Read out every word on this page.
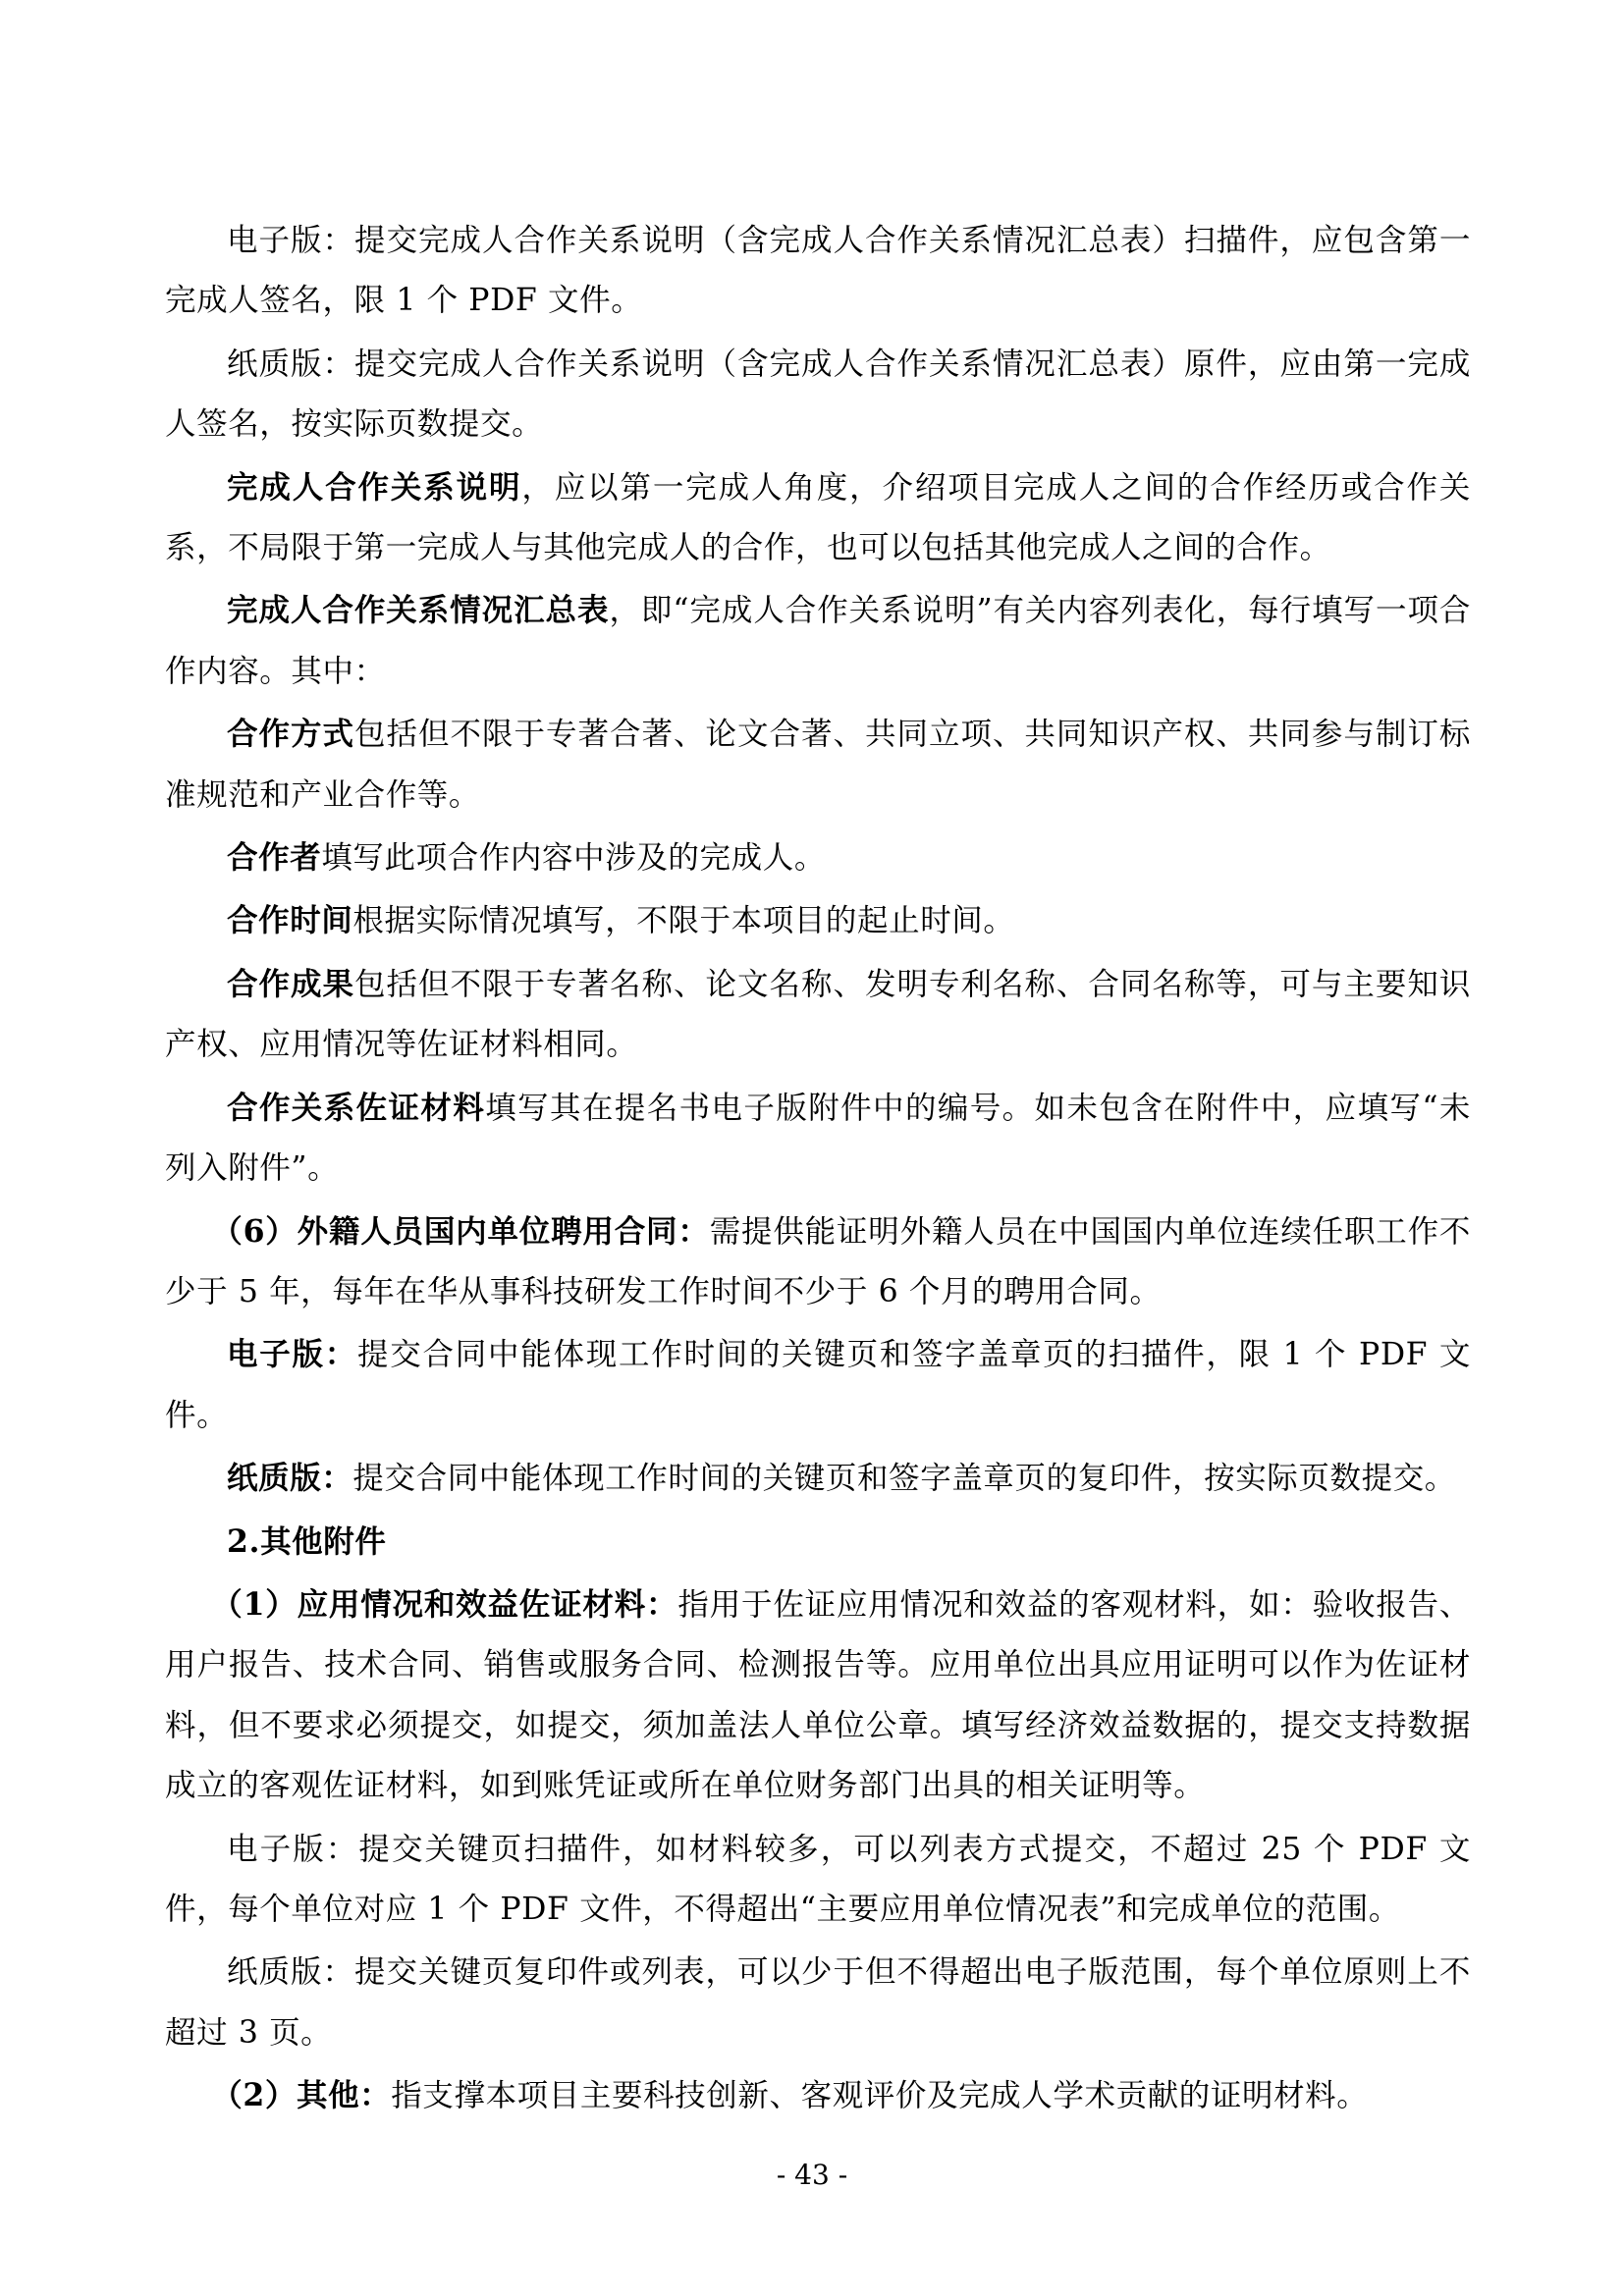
电子版：提交完成人合作关系说明（含完成人合作关系情况汇总表）扫描件，应包含第一完成人签名，限 1 个 PDF 文件。

纸质版：提交完成人合作关系说明（含完成人合作关系情况汇总表）原件，应由第一完成人签名，按实际页数提交。

完成人合作关系说明，应以第一完成人角度，介绍项目完成人之间的合作经历或合作关系，不局限于第一完成人与其他完成人的合作，也可以包括其他完成人之间的合作。

完成人合作关系情况汇总表，即“完成人合作关系说明”有关内容列表化，每行填写一项合作内容。其中：

合作方式包括但不限于专著合著、论文合著、共同立项、共同知识产权、共同参与制订标准规范和产业合作等。

合作者填写此项合作内容中涉及的完成人。

合作时间根据实际情况填写，不限于本项目的起止时间。

合作成果包括但不限于专著名称、论文名称、发明专利名称、合同名称等，可与主要知识产权、应用情况等佐证材料相同。

合作关系佐证材料填写其在提名书电子版附件中的编号。如未包含在附件中，应填写“未列入附件”。

（6）外籍人员国内单位聘用合同：需提供能证明外籍人员在中国国内单位连续任职工作不少于 5 年，每年在华从事科技研发工作时间不少于 6 个月的聘用合同。

电子版：提交合同中能体现工作时间的关键页和签字盖章页的扫描件，限 1 个 PDF 文件。

纸质版：提交合同中能体现工作时间的关键页和签字盖章页的复印件，按实际页数提交。

2.其他附件

（1）应用情况和效益佐证材料：指用于佐证应用情况和效益的客观材料，如：验收报告、用户报告、技术合同、销售或服务合同、检测报告等。应用单位出具应用证明可以作为佐证材料，但不要求必须提交，如提交，须加盖法人单位公章。填写经济效益数据的，提交支持数据成立的客观佐证材料，如到账凭证或所在单位财务部门出具的相关证明等。

电子版：提交关键页扫描件，如材料较多，可以列表方式提交，不超过 25 个 PDF 文件，每个单位对应 1 个 PDF 文件，不得超出“主要应用单位情况表”和完成单位的范围。

纸质版：提交关键页复印件或列表，可以少于但不得超出电子版范围，每个单位原则上不超过 3 页。

（2）其他：指支撑本项目主要科技创新、客观评价及完成人学术贡献的证明材料。

- 43 -
